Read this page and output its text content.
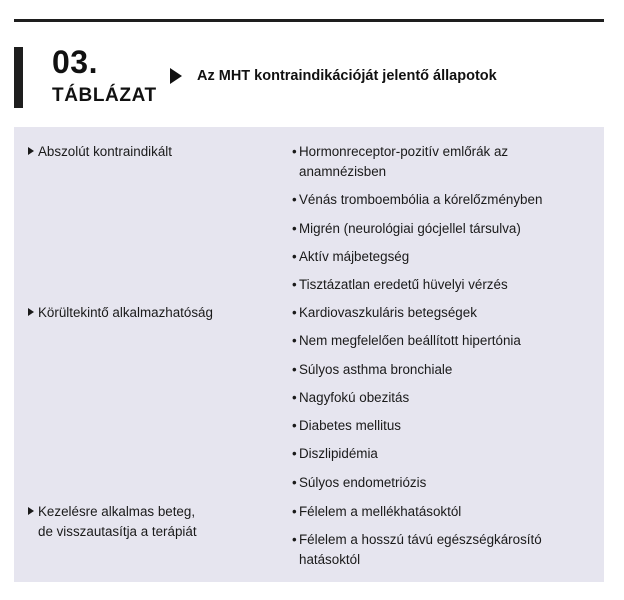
03.
TÁBLÁZAT
Az MHT kontraindikációját jelentő állapotok
Abszolút kontraindikált	• Hormonreceptor-pozitív emlőrák az anamnézisben
• Vénás tromboembólia a kórelőzményben
• Migrén (neurológiai gócjellel társulva)
• Aktív májbetegség
• Tisztázatlan eredetű hüvelyi vérzés
Körültekintő alkalmazhatóság	• Kardiovaszkuláris betegségek
• Nem megfelelően beállított hipertónia
• Súlyos asthma bronchiale
• Nagyfokú obezitás
• Diabetes mellitus
• Diszlipidémia
• Súlyos endometriózis
Kezelésre alkalmas beteg,
de visszautasítja a terápiát
• Félelem a mellékhatásoktól
• Félelem a hosszú távú egészségkárosító hatásoktól
